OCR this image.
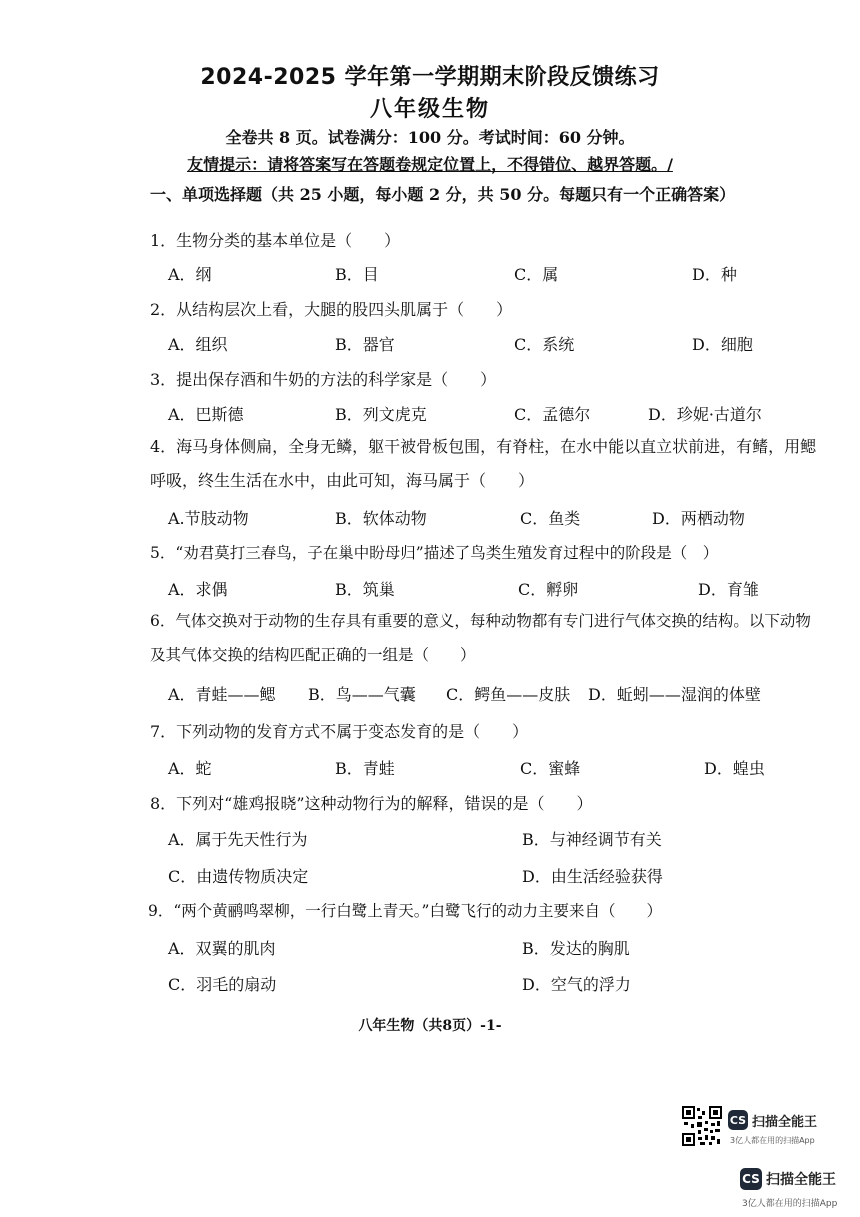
2024-2025 学年第一学期期末阶段反馈练习
八年级生物
全卷共 8 页。试卷满分：100 分。考试时间：60 分钟。
友情提示：请将答案写在答题卷规定位置上，不得错位、越界答题。/
一、单项选择题（共 25 小题，每小题 2 分，共 50 分。每题只有一个正确答案）
1．生物分类的基本单位是（　　）
A．纲	B．目	C．属	D．种
2．从结构层次上看，大腿的股四头肌属于（　　）
A．组织	B．器官	C．系统	D．细胞
3．提出保存酒和牛奶的方法的科学家是（　　）
A．巴斯德	B．列文虎克	C．孟德尔	D．珍妮·古道尔
4．海马身体侧扁，全身无鳞，躯干被骨板包围，有脊柱，在水中能以直立状前进，有鳍，用鳃呼吸，终生生活在水中，由此可知，海马属于（　　）
A.节肢动物	B．软体动物	C．鱼类	D．两栖动物
5．“劝君莫打三春鸟，子在巢中盼母归”描述了鸟类生殖发育过程中的阶段是（　）
A．求偶	B．筑巢	C．孵卵	D．育雏
6．气体交换对于动物的生存具有重要的意义，每种动物都有专门进行气体交换的结构。以下动物及其气体交换的结构匹配正确的一组是（　　）
A．青蛙——鳃 B．鸟——气囊 C．鳄鱼——皮肤 D．蚯蚓——湿润的体壁
7．下列动物的发育方式不属于变态发育的是（　　）
A．蛇	B．青蛙	C．蜜蜂	D．蝗虫
8．下列对“雄鸡报晓”这种动物行为的解释，错误的是（　　）
A．属于先天性行为	B．与神经调节有关
C．由遗传物质决定	D．由生活经验获得
9．“两个黄鹂鸣翠柳，一行白鹭上青天。”白鹭飞行的动力主要来自（　　）
A．双翼的肌肉	B．发达的胸肌
C．羽毛的扇动	D．空气的浮力
八年生物（共8页）-1-
CS 扫描全能王
3亿人都在用的扫描App
CS 扫描全能王
3亿人都在用的扫描App
